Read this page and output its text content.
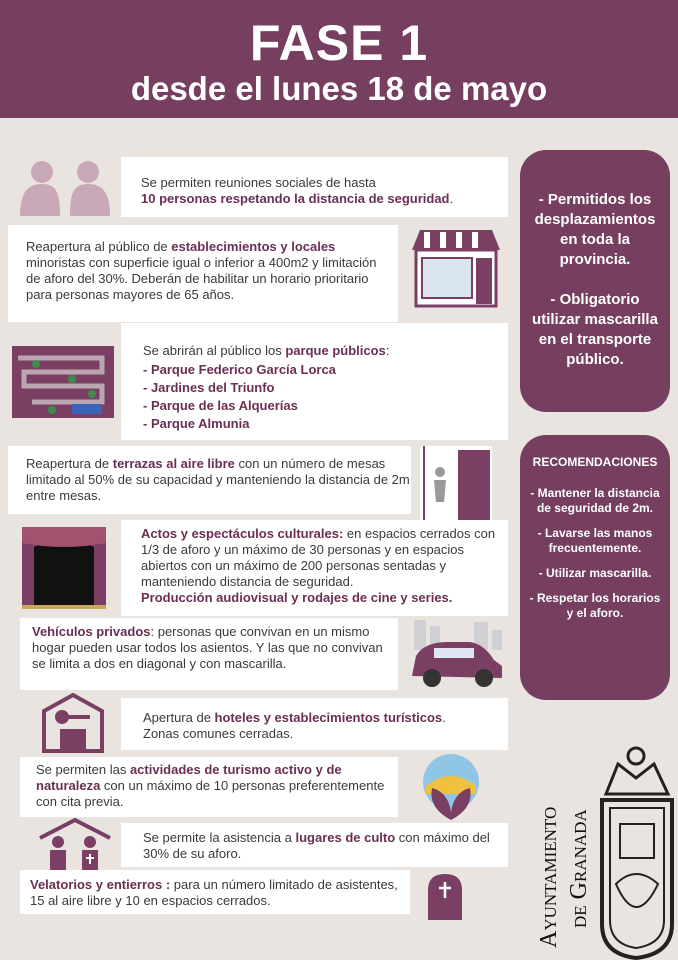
FASE 1
desde el lunes 18 de mayo
Se permiten reuniones sociales de hasta
10 personas respetando la distancia de seguridad.
Reapertura al público de establecimientos y locales minoristas con superficie igual o inferior a 400m2 y limitación de aforo del 30%. Deberán de habilitar un horario prioritario para personas mayores de 65 años.
Se abrirán al público los parque públicos:
- Parque Federico García Lorca
- Jardines del Triunfo
- Parque de las Alquerías
- Parque Almunia
Reapertura de terrazas al aire libre con un número de mesas limitado al 50% de su capacidad y manteniendo la distancia de 2m entre mesas.
Actos y espectáculos culturales: en espacios cerrados con 1/3 de aforo y un máximo de 30 personas y en espacios abiertos con un máximo de 200 personas sentadas y manteniendo distancia de seguridad.
Producción audiovisual y rodajes de cine y series.
Vehículos privados: personas que convivan en un mismo hogar pueden usar todos los asientos. Y las que no convivan se limita a dos en diagonal y con mascarilla.
Apertura de hoteles y establecimientos turísticos.
Zonas comunes cerradas.
Se permiten las actividades de turismo activo y de naturaleza con un máximo de 10 personas preferentemente con cita previa.
Se permite la asistencia a lugares de culto con máximo del 30% de su aforo.
Velatorios y entierros : para un número limitado de asistentes, 15 al aire libre y 10 en espacios cerrados.
- Permitidos los desplazamientos en toda la provincia.
- Obligatorio utilizar mascarilla en el transporte público.
RECOMENDACIONES
- Mantener la distancia de seguridad de 2m.
- Lavarse las manos frecuentemente.
- Utilizar mascarilla.
- Respetar los horarios y el aforo.
Ayuntamiento de Granada
